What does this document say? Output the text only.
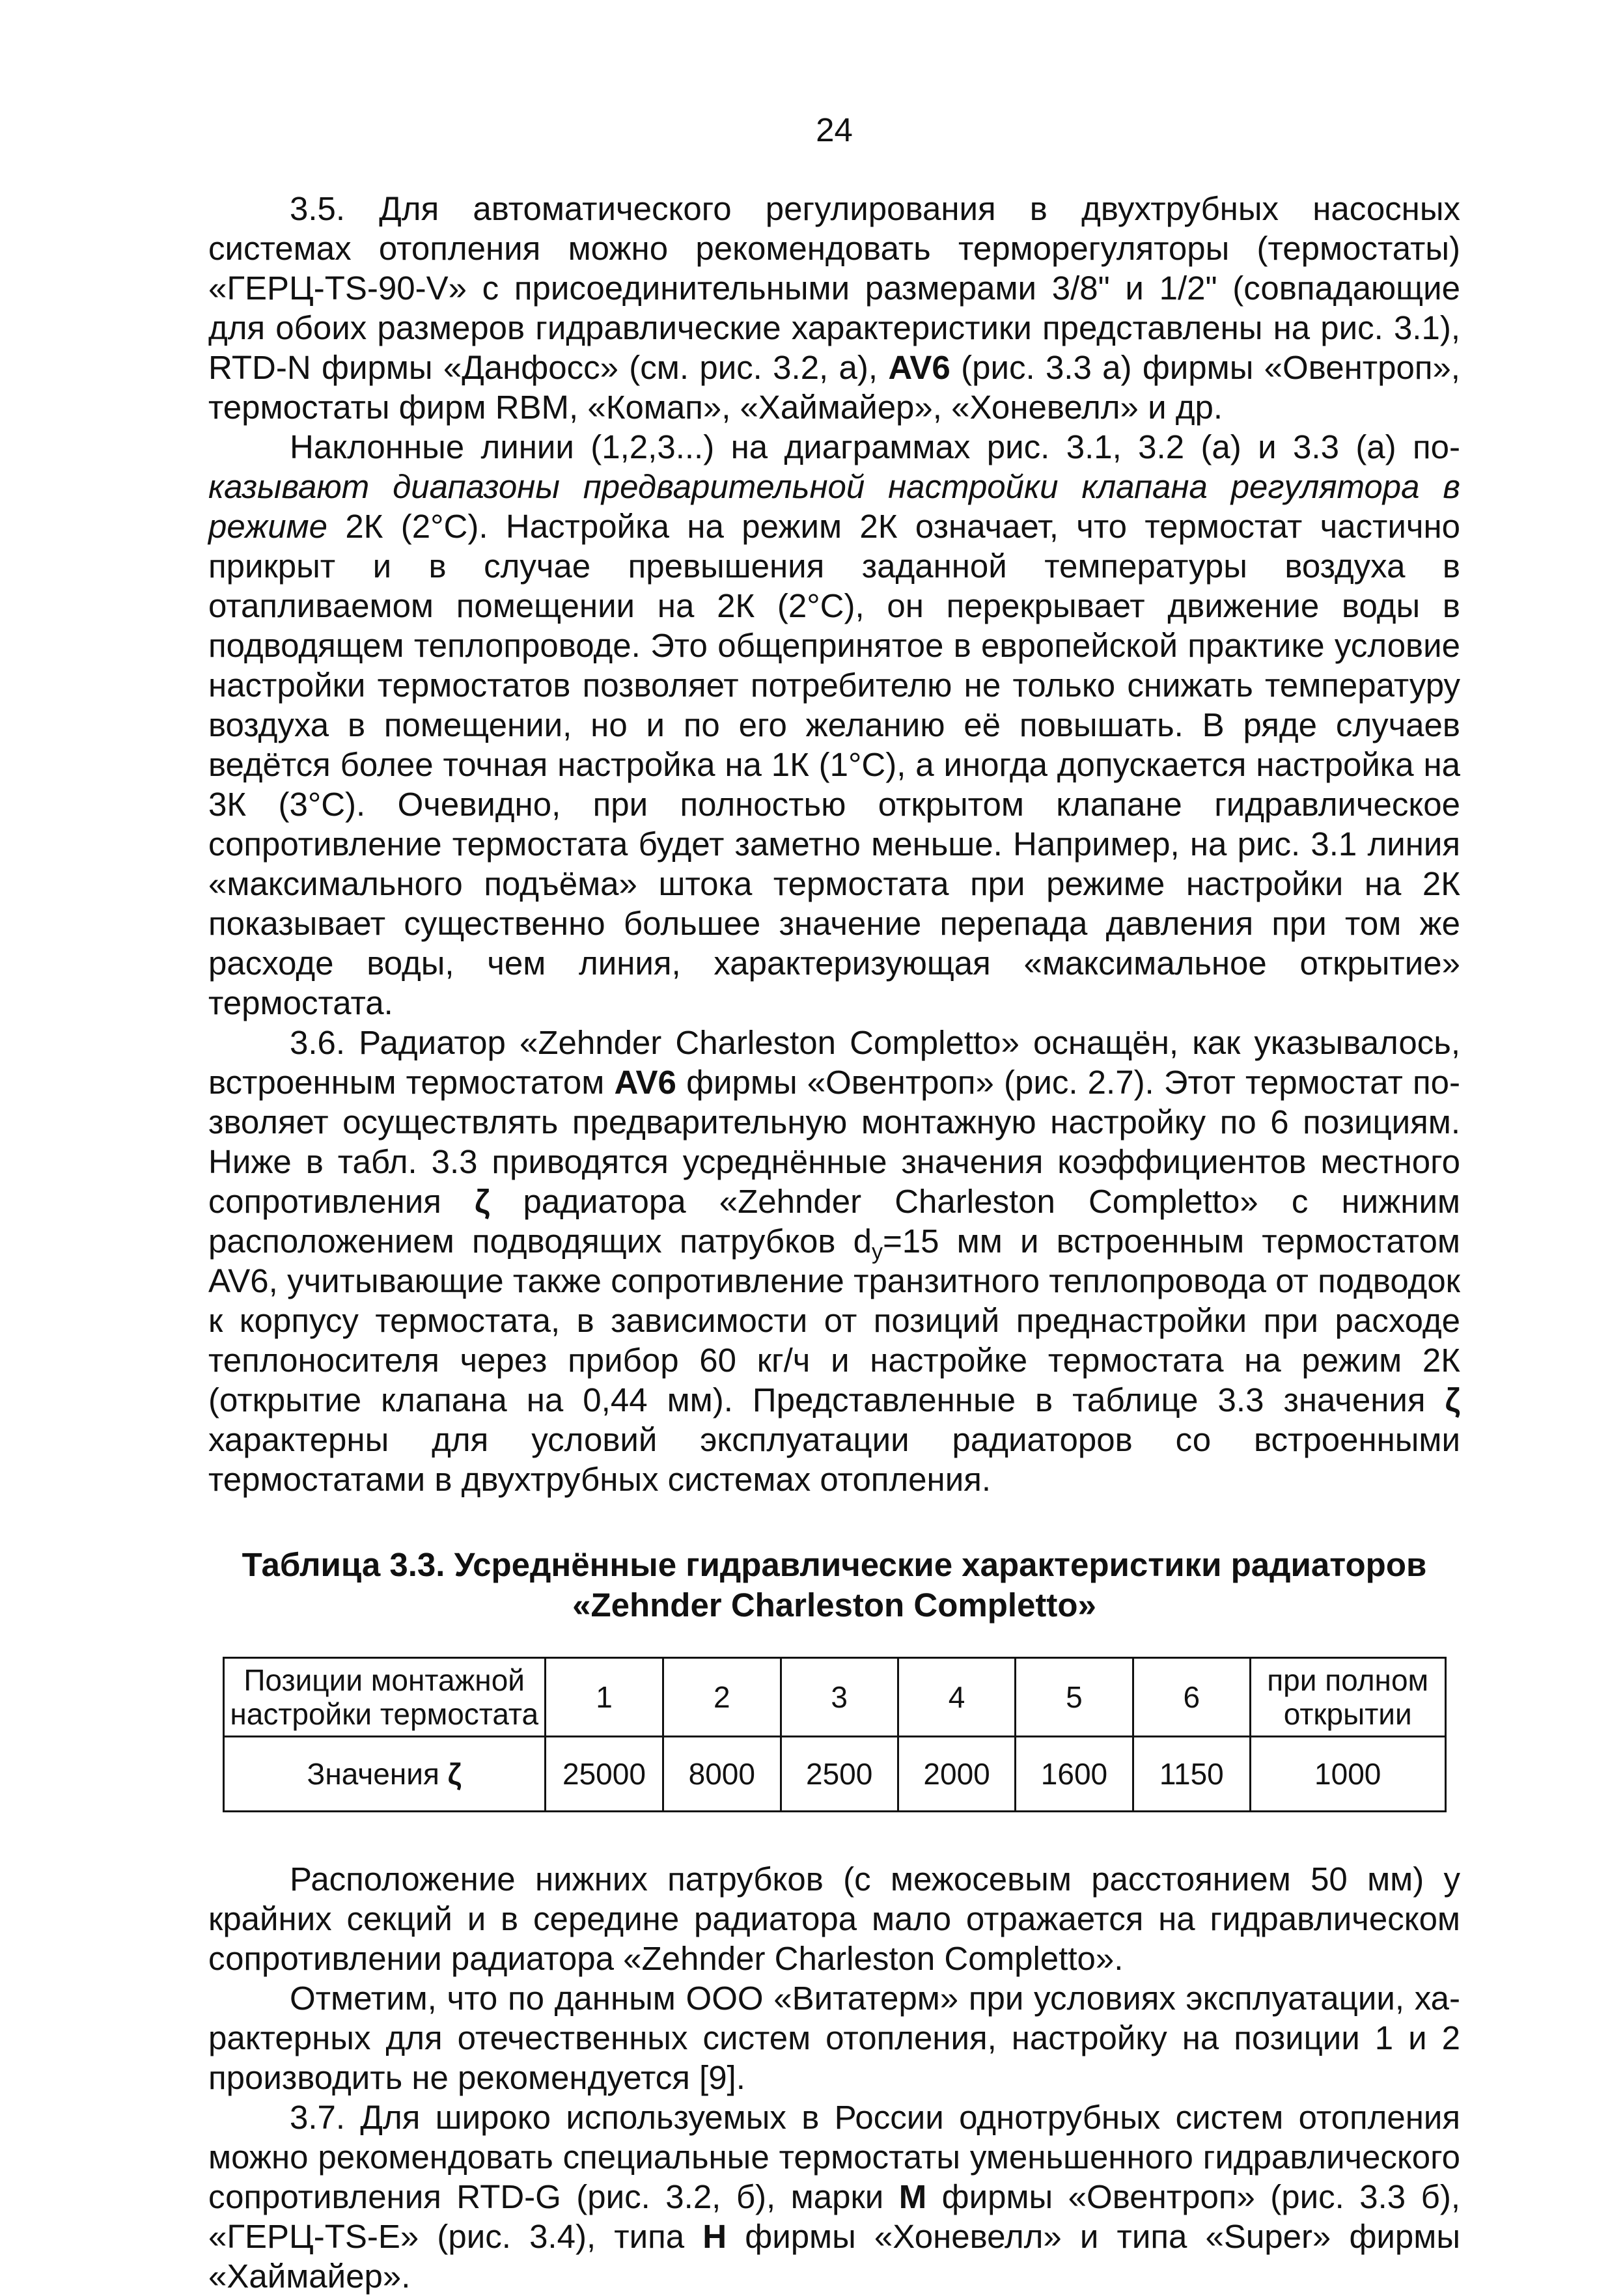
24

3.5. Для автоматического регулирования в двухтрубных насосных системах отопления можно рекомендовать терморегуляторы (термостаты) «ГЕРЦ-TS-90-V» с присоединительными размерами 3/8" и 1/2" (совпадающие для обоих размеров гидравлические характеристики представлены на рис. 3.1), RTD-N фирмы «Данфосс» (см. рис. 3.2, а), AV6 (рис. 3.3 а) фирмы «Овентроп», термостаты фирм RBM, «Комап», «Хаймайер», «Хоневелл» и др.

Наклонные линии (1,2,3...) на диаграммах рис. 3.1, 3.2 (а) и 3.3 (а) показывают диапазоны предварительной настройки клапана регулятора в режиме 2К (2°С). Настройка на режим 2К означает, что термостат частично прикрыт и в случае превышения заданной температуры воздуха в отапливаемом помещении на 2К (2°С), он перекрывает движение воды в подводящем теплопроводе. Это общепринятое в европейской практике условие настройки термостатов позволяет потребителю не только снижать температуру воздуха в помещении, но и по его желанию её повышать. В ряде случаев ведётся более точная настройка на 1К (1°С), а иногда допускается настройка на 3К (3°С). Очевидно, при полностью открытом клапане гидравлическое сопротивление термостата будет заметно меньше. Например, на рис. 3.1 линия «максимального подъёма» штока термостата при режиме настройки на 2К показывает существенно большее значение перепада давления при том же расходе воды, чем линия, характеризующая «максимальное открытие» термостата.

3.6. Радиатор «Zehnder Charleston Completto» оснащён, как указывалось, встроенным термостатом AV6 фирмы «Овентроп» (рис. 2.7). Этот термостат позволяет осуществлять предварительную монтажную настройку по 6 позициям. Ниже в табл. 3.3 приводятся усреднённые значения коэффициентов местного сопротивления ζ радиатора «Zehnder Charleston Completto» с нижним расположением подводящих патрубков $d_у=15$ мм и встроенным термостатом AV6, учитывающие также сопротивление транзитного теплопровода от подводок к корпусу термостата, в зависимости от позиций преднастройки при расходе теплоносителя через прибор 60 кг/ч и настройке термостата на режим 2К (открытие клапана на 0,44 мм). Представленные в таблице 3.3 значения ζ характерны для условий эксплуатации радиаторов со встроенными термостатами в двухтрубных системах отопления.

Таблица 3.3. Усреднённые гидравлические характеристики радиаторов
«Zehnder Charleston Completto»
Позиции монтажной настройки термостата	1	2	3	4	5	6	при полном открытии
Значения ζ	25000	8000	2500	2000	1600	1150	1000

Расположение нижних патрубков (с межосевым расстоянием 50 мм) у крайних секций и в середине радиатора мало отражается на гидравлическом сопротивлении радиатора «Zehnder Charleston Completto».

Отметим, что по данным ООО «Витатерм» при условиях эксплуатации, характерных для отечественных систем отопления, настройку на позиции 1 и 2 производить не рекомендуется [9].

3.7. Для широко используемых в России однотрубных систем отопления можно рекомендовать специальные термостаты уменьшенного гидравлического сопротивления RTD-G (рис. 3.2, б), марки М фирмы «Овентроп» (рис. 3.3 б), «ГЕРЦ-TS-E» (рис. 3.4), типа Н фирмы «Хоневелл» и типа «Super» фирмы «Хаймайер».
